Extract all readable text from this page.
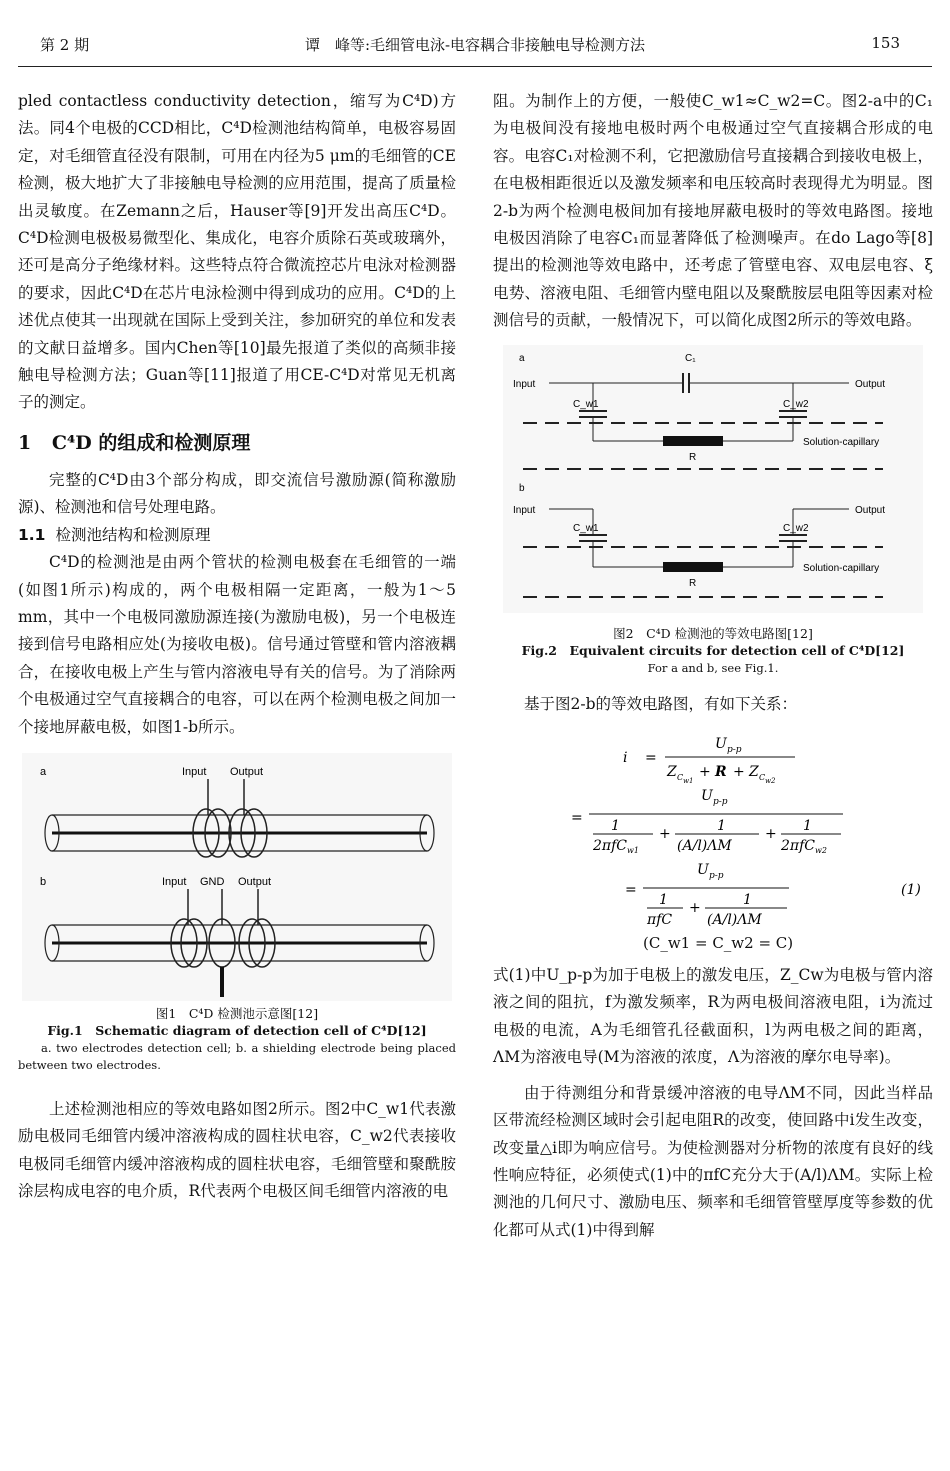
第 2 期	谭　峰等:毛细管电泳-电容耦合非接触电导检测方法	153

pled contactless conductivity detection，缩写为C⁴D)方法。同4个电极的CCD相比，C⁴D检测池结构简单，电极容易固定，对毛细管直径没有限制，可用在内径为5 μm的毛细管的CE检测，极大地扩大了非接触电导检测的应用范围，提高了质量检出灵敏度。在Zemann之后，Hauser等[9]开发出高压C⁴D。C⁴D检测电极极易微型化、集成化，电容介质除石英或玻璃外，还可是高分子绝缘材料。这些特点符合微流控芯片电泳对检测器的要求，因此C⁴D在芯片电泳检测中得到成功的应用。C⁴D的上述优点使其一出现就在国际上受到关注，参加研究的单位和发表的文献日益增多。国内Chen等[10]最先报道了类似的高频非接触电导检测方法；Guan等[11]报道了用CE-C⁴D对常见无机离子的测定。

1 C⁴D 的组成和检测原理

完整的C⁴D由3个部分构成，即交流信号激励源(简称激励源)、检测池和信号处理电路。

1.1 检测池结构和检测原理

C⁴D的检测池是由两个管状的检测电极套在毛细管的一端(如图1所示)构成的，两个电极相隔一定距离，一般为1～5 mm，其中一个电极同激励源连接(为激励电极)，另一个电极连接到信号电路相应处(为接收电极)。信号通过管壁和管内溶液耦合，在接收电极上产生与管内溶液电导有关的信号。为了消除两个电极通过空气直接耦合的电容，可以在两个检测电极之间加一个接地屏蔽电极，如图1-b所示。

a	Input Output
b	Input GND Output
图1　C⁴D 检测池示意图[12]
Fig.1　Schematic diagram of detection cell of C⁴D[12]
a. two electrodes detection cell; b. a shielding electrode being placed between two electrodes.

上述检测池相应的等效电路如图2所示。图2中C_w1代表激励电极同毛细管内缓冲溶液构成的圆柱状电容，C_w2代表接收电极同毛细管内缓冲溶液构成的圆柱状电容，毛细管壁和聚酰胺涂层构成电容的电介质，R代表两个电极区间毛细管内溶液的电

阻。为制作上的方便，一般使C_w1≈C_w2=C。图2-a中的C₁为电极间没有接地电极时两个电极通过空气直接耦合形成的电容。电容C₁对检测不利，它把激励信号直接耦合到接收电极上，在电极相距很近以及激发频率和电压较高时表现得尤为明显。图2-b为两个检测电极间加有接地屏蔽电极时的等效电路图。接地电极因消除了电容C₁而显著降低了检测噪声。在do Lago等[8]提出的检测池等效电路中，还考虑了管壁电容、双电层电容、ξ电势、溶液电阻、毛细管内壁电阻以及聚酰胺层电阻等因素对检测信号的贡献，一般情况下，可以简化成图2所示的等效电路。

a	C₁
Input	Output
C_w1	C_w2
Solution-capillary
R
b
Input	Output
C_w1	C_w2
Solution-capillary
R
图2　C⁴D 检测池的等效电路图[12]
Fig.2　Equivalent circuits for detection cell of C⁴D[12]
For a and b, see Fig.1.

基于图2-b的等效电路图，有如下关系：

i =
U p-p
Z C w1
+ R + Z C w2
=
U p-p
1
2πfC$_{w1}$
+	1
(A/l)ΛM
+ 1
2πfC$_{w2}$
=
U p-p
1
πfC
+	1
(A/l)ΛM
(1)
(C_w1 = C_w2 = C)

式(1)中U_p-p为加于电极上的激发电压，Z_Cw为电极与管内溶液之间的阻抗，f为激发频率，R为两电极间溶液电阻，i为流过电极的电流，A为毛细管孔径截面积，l为两电极之间的距离，ΛM为溶液电导(M为溶液的浓度，Λ为溶液的摩尔电导率)。

由于待测组分和背景缓冲溶液的电导ΛM不同，因此当样品区带流经检测区域时会引起电阻R的改变，使回路中i发生改变，改变量△i即为响应信号。为使检测器对分析物的浓度有良好的线性响应特征，必须使式(1)中的πfC充分大于(A/l)ΛM。实际上检测池的几何尺寸、激励电压、频率和毛细管管壁厚度等参数的优化都可从式(1)中得到解
